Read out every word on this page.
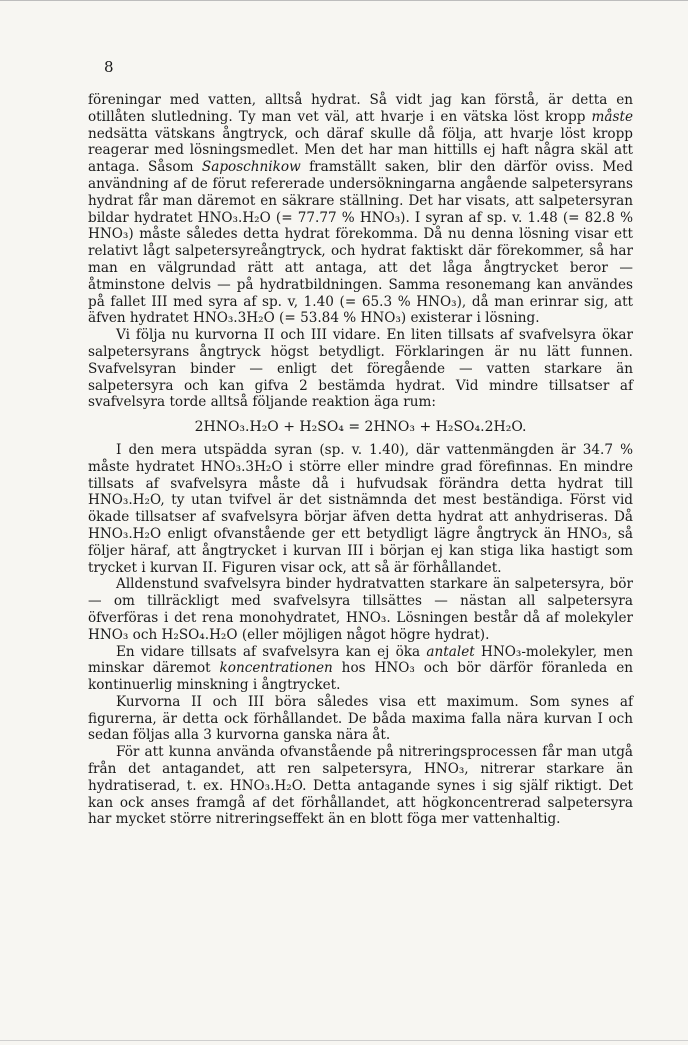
8

föreningar med vatten, alltså hydrat. Så vidt jag kan förstå, är detta en otillåten slutledning. Ty man vet väl, att hvarje i en vätska löst kropp måste nedsätta vätskans ångtryck, och däraf skulle då följa, att hvarje löst kropp reagerar med lösningsmedlet. Men det har man hittills ej haft några skäl att antaga. Såsom Saposchnikow framställt saken, blir den därför oviss. Med användning af de förut refererade undersökningarna angående salpetersyrans hydrat får man däremot en säkrare ställning. Det har visats, att salpetersyran bildar hydratet HNO₃.H₂O (= 77.77 % HNO₃). I syran af sp. v. 1.48 (= 82.8 % HNO₃) måste således detta hydrat förekomma. Då nu denna lösning visar ett relativt lågt salpetersyreångtryck, och hydrat faktiskt där förekommer, så har man en välgrundad rätt att antaga, att det låga ångtrycket beror — åtminstone delvis — på hydratbildningen. Samma resonemang kan användes på fallet III med syra af sp. v, 1.40 (= 65.3 % HNO₃), då man erinrar sig, att äfven hydratet HNO₃.3H₂O (= 53.84 % HNO₃) existerar i lösning.

Vi följa nu kurvorna II och III vidare. En liten tillsats af svafvelsyra ökar salpetersyrans ångtryck högst betydligt. Förklaringen är nu lätt funnen. Svafvelsyran binder — enligt det föregående — vatten starkare än salpetersyra och kan gifva 2 bestämda hydrat. Vid mindre tillsatser af svafvelsyra torde alltså följande reaktion äga rum:

2HNO₃.H₂O + H₂SO₄ = 2HNO₃ + H₂SO₄.2H₂O.

I den mera utspädda syran (sp. v. 1.40), där vattenmängden är 34.7 % måste hydratet HNO₃.3H₂O i större eller mindre grad förefinnas. En mindre tillsats af svafvelsyra måste då i hufvudsak förändra detta hydrat till HNO₃.H₂O, ty utan tvifvel är det sistnämnda det mest beständiga. Först vid ökade tillsatser af svafvelsyra börjar äfven detta hydrat att anhydriseras. Då HNO₃.H₂O enligt ofvanstående ger ett betydligt lägre ångtryck än HNO₃, så följer häraf, att ångtrycket i kurvan III i början ej kan stiga lika hastigt som trycket i kurvan II. Figuren visar ock, att så är förhållandet.

Alldenstund svafvelsyra binder hydratvatten starkare än salpetersyra, bör — om tillräckligt med svafvelsyra tillsättes — nästan all salpetersyra öfverföras i det rena monohydratet, HNO₃. Lösningen består då af molekyler HNO₃ och H₂SO₄.H₂O (eller möjligen något högre hydrat).

En vidare tillsats af svafvelsyra kan ej öka antalet HNO₃-molekyler, men minskar däremot koncentrationen hos HNO₃ och bör därför föranleda en kontinuerlig minskning i ångtrycket.

Kurvorna II och III böra således visa ett maximum. Som synes af figurerna, är detta ock förhållandet. De båda maxima falla nära kurvan I och sedan följas alla 3 kurvorna ganska nära åt.

För att kunna använda ofvanstående på nitreringsprocessen får man utgå från det antagandet, att ren salpetersyra, HNO₃, nitrerar starkare än hydratiserad, t. ex. HNO₃.H₂O. Detta antagande synes i sig själf riktigt. Det kan ock anses framgå af det förhållandet, att högkoncentrerad salpetersyra har mycket större nitreringseffekt än en blott föga mer vattenhaltig.
